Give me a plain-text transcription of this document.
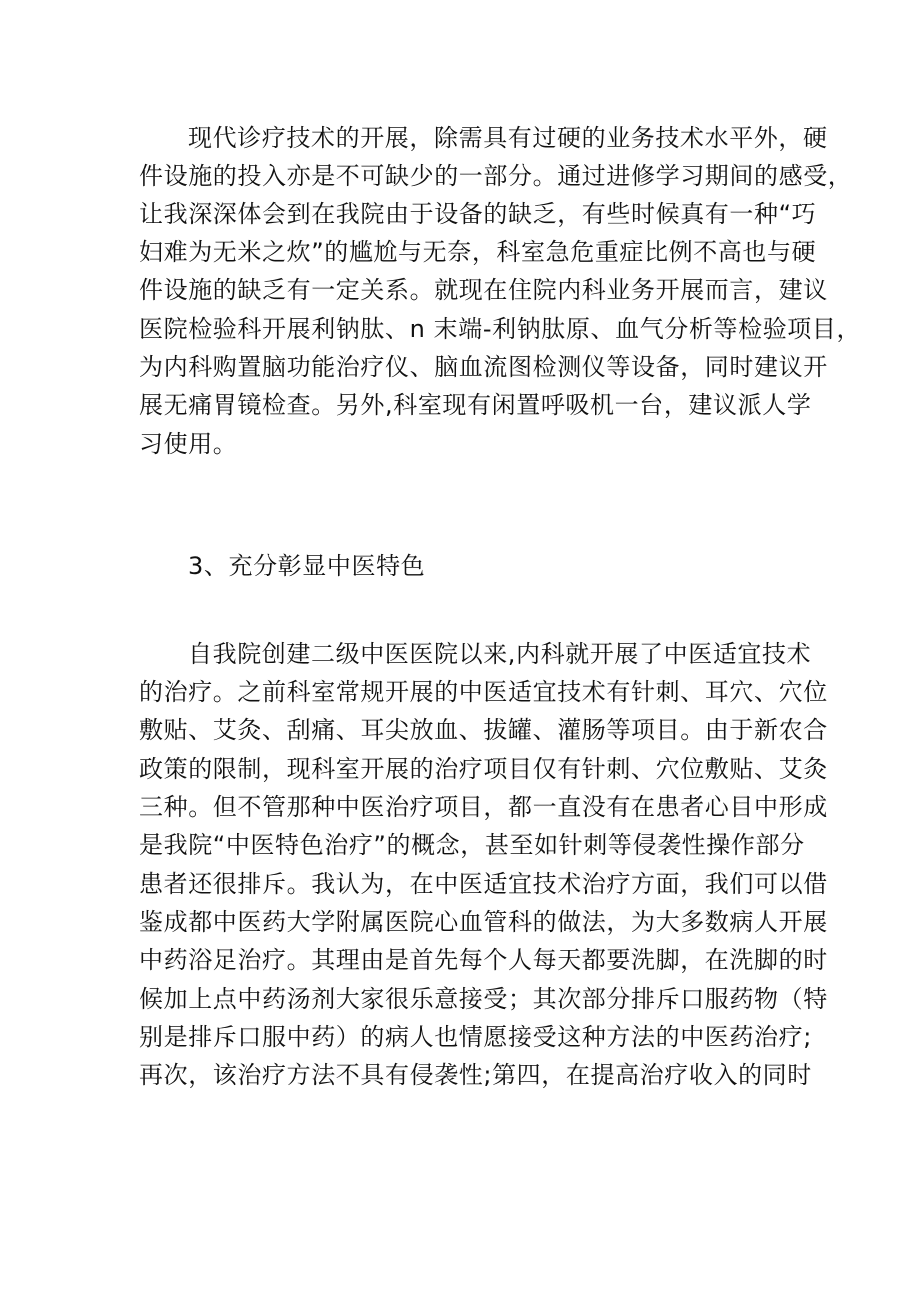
现代诊疗技术的开展，除需具有过硬的业务技术水平外，硬
件设施的投入亦是不可缺少的一部分。通过进修学习期间的感受，
让我深深体会到在我院由于设备的缺乏，有些时候真有一种“巧
妇难为无米之炊”的尴尬与无奈，科室急危重症比例不高也与硬
件设施的缺乏有一定关系。就现在住院内科业务开展而言，建议
医院检验科开展利钠肽、n 末端-利钠肽原、血气分析等检验项目，
为内科购置脑功能治疗仪、脑血流图检测仪等设备，同时建议开
展无痛胃镜检查。另外,科室现有闲置呼吸机一台，建议派人学
习使用。
3、充分彰显中医特色
自我院创建二级中医医院以来,内科就开展了中医适宜技术
的治疗。之前科室常规开展的中医适宜技术有针刺、耳穴、穴位
敷贴、艾灸、刮痛、耳尖放血、拔罐、灌肠等项目。由于新农合
政策的限制，现科室开展的治疗项目仅有针刺、穴位敷贴、艾灸
三种。但不管那种中医治疗项目，都一直没有在患者心目中形成
是我院“中医特色治疗”的概念，甚至如针刺等侵袭性操作部分
患者还很排斥。我认为，在中医适宜技术治疗方面，我们可以借
鉴成都中医药大学附属医院心血管科的做法，为大多数病人开展
中药浴足治疗。其理由是首先每个人每天都要洗脚，在洗脚的时
候加上点中药汤剂大家很乐意接受；其次部分排斥口服药物（特
别是排斥口服中药）的病人也情愿接受这种方法的中医药治疗;
再次，该治疗方法不具有侵袭性;第四，在提高治疗收入的同时
